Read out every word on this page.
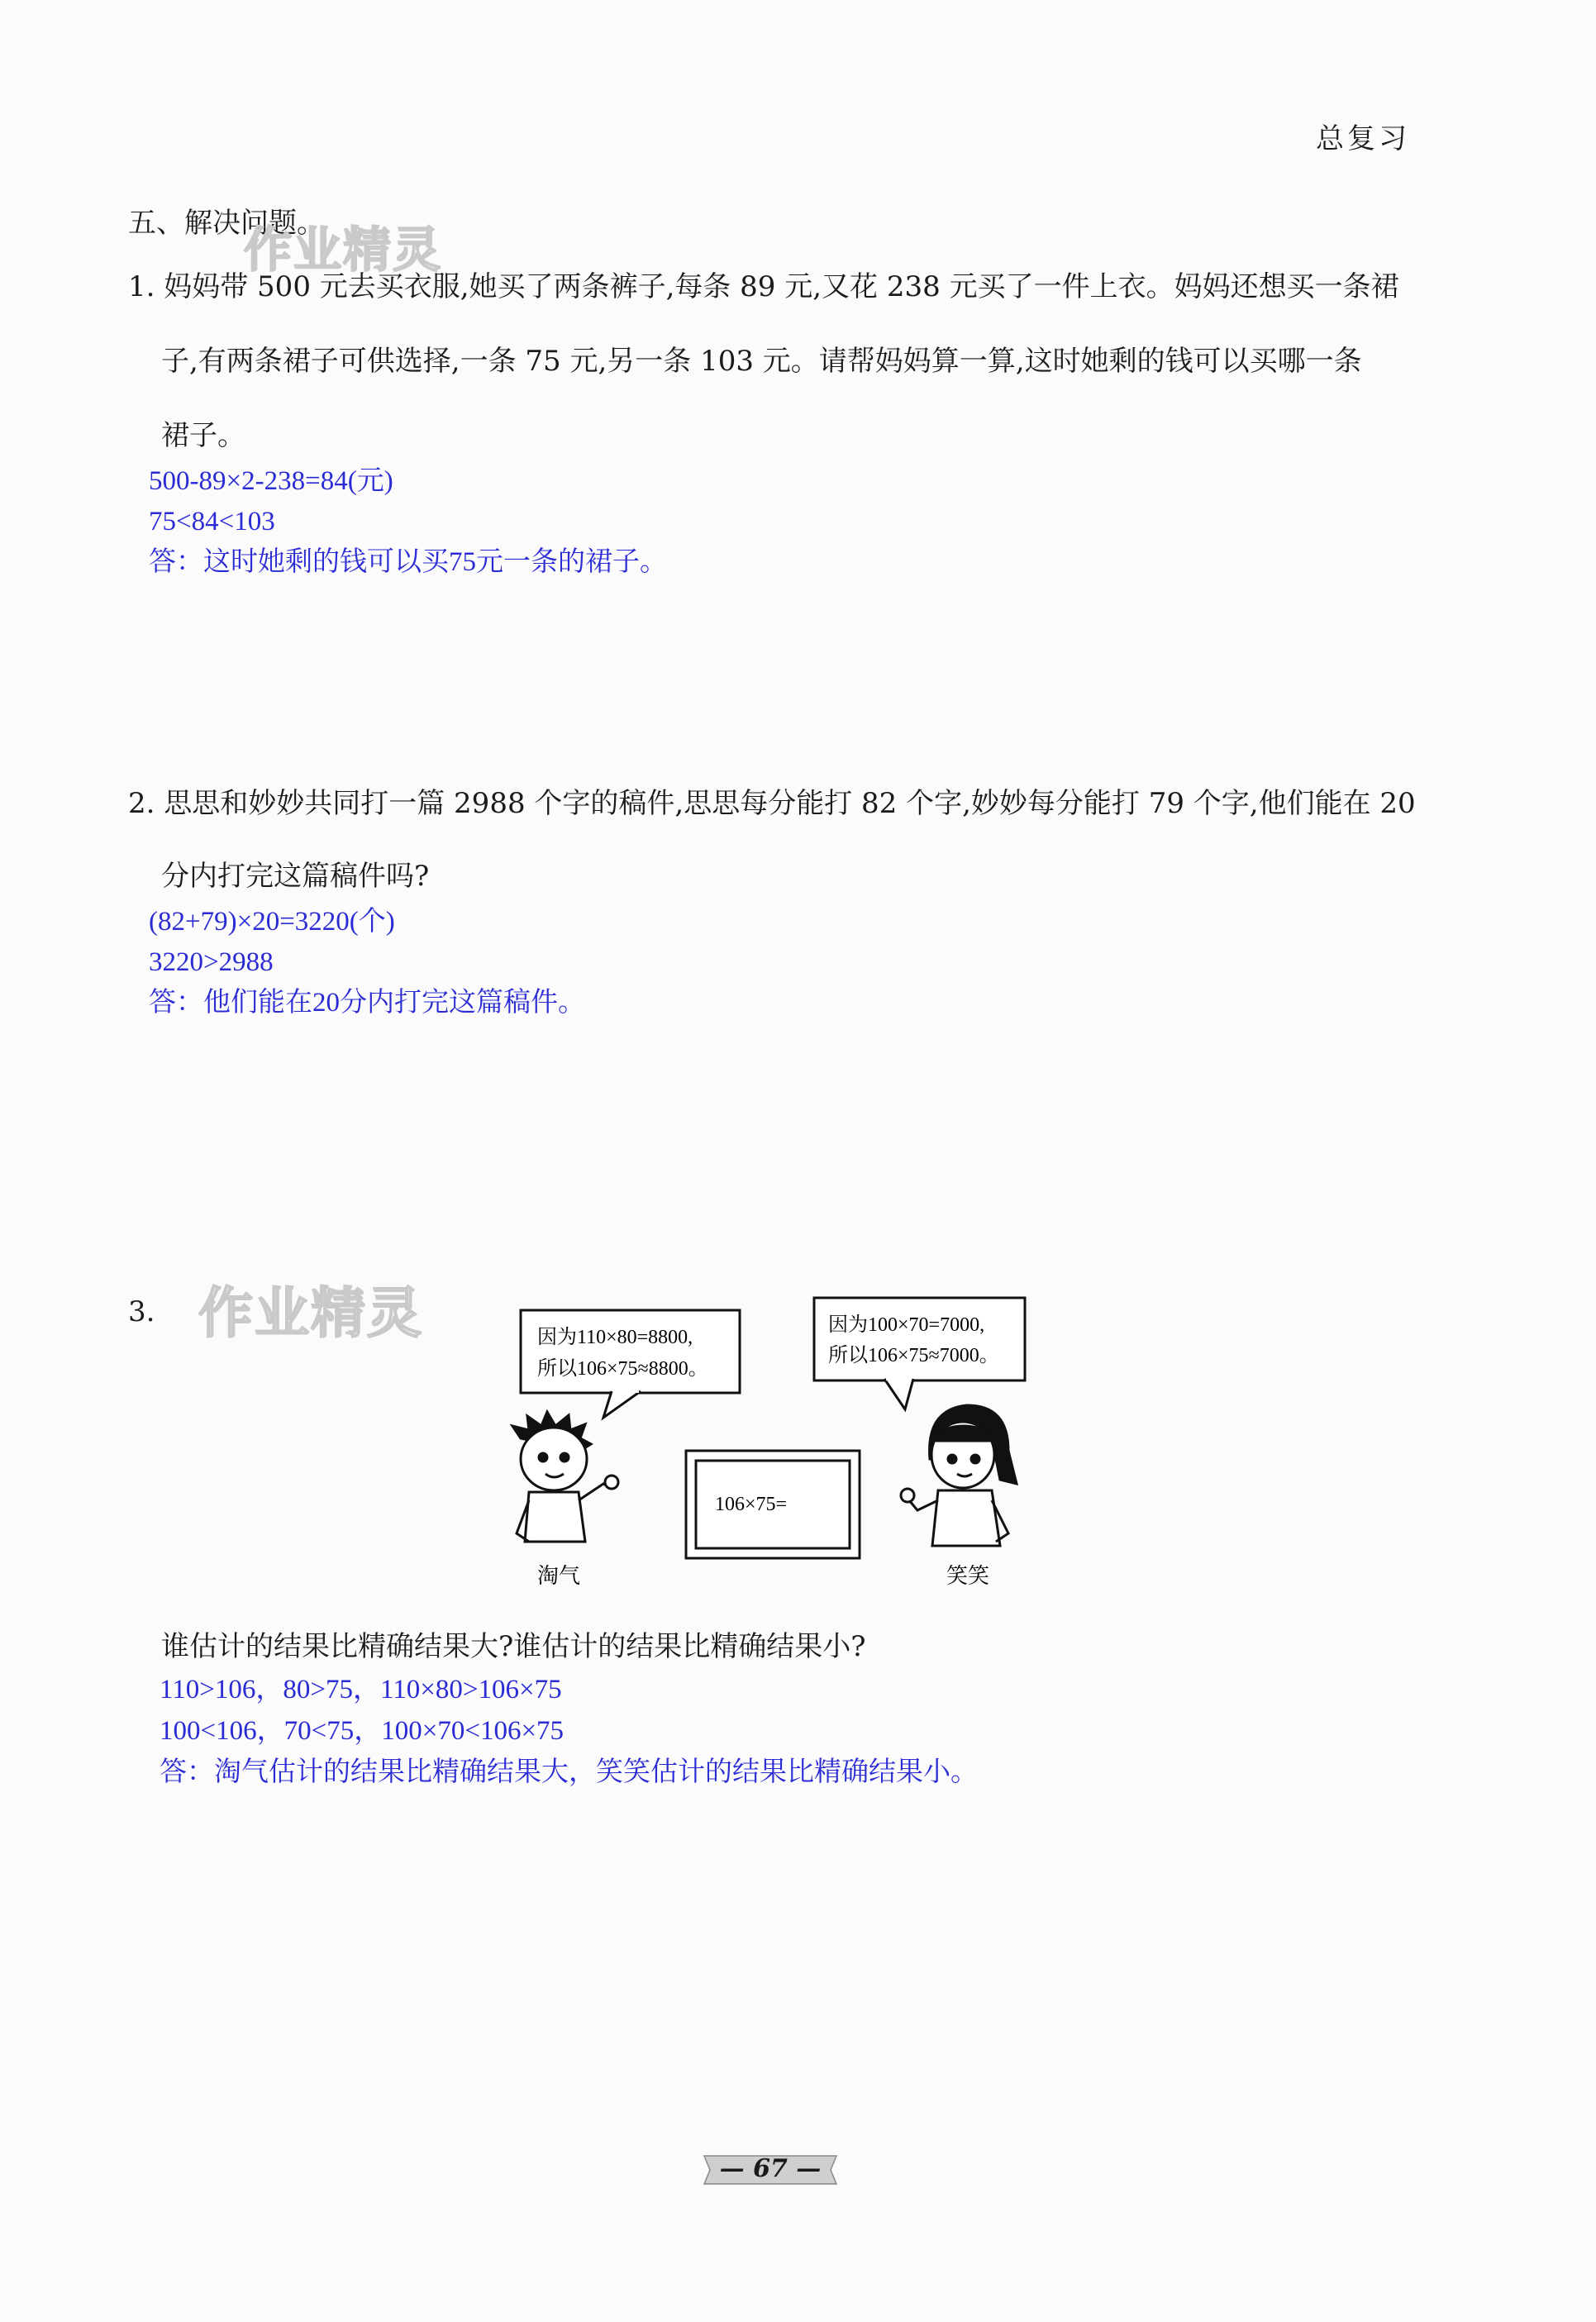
总复习
五、解决问题。
作业精灵
1. 妈妈带 500 元去买衣服,她买了两条裤子,每条 89 元,又花 238 元买了一件上衣。妈妈还想买一条裙
子,有两条裙子可供选择,一条 75 元,另一条 103 元。请帮妈妈算一算,这时她剩的钱可以买哪一条
裙子。
500-89×2-238=84(元)
75<84<103
答：这时她剩的钱可以买75元一条的裙子。
2. 思思和妙妙共同打一篇 2988 个字的稿件,思思每分能打 82 个字,妙妙每分能打 79 个字,他们能在 20
分内打完这篇稿件吗?
(82+79)×20=3220(个)
3220>2988
答：他们能在20分内打完这篇稿件。
3. 作业精灵	因为110×80=8800,
所以106×75≈8800。
因为100×70=7000,
所以106×75≈7000。
106×75=
淘气	笑笑
谁估计的结果比精确结果大?谁估计的结果比精确结果小?
110>106，80>75，110×80>106×75
100<106，70<75，100×70<106×75
答：淘气估计的结果比精确结果大，笑笑估计的结果比精确结果小。
— 67 —
